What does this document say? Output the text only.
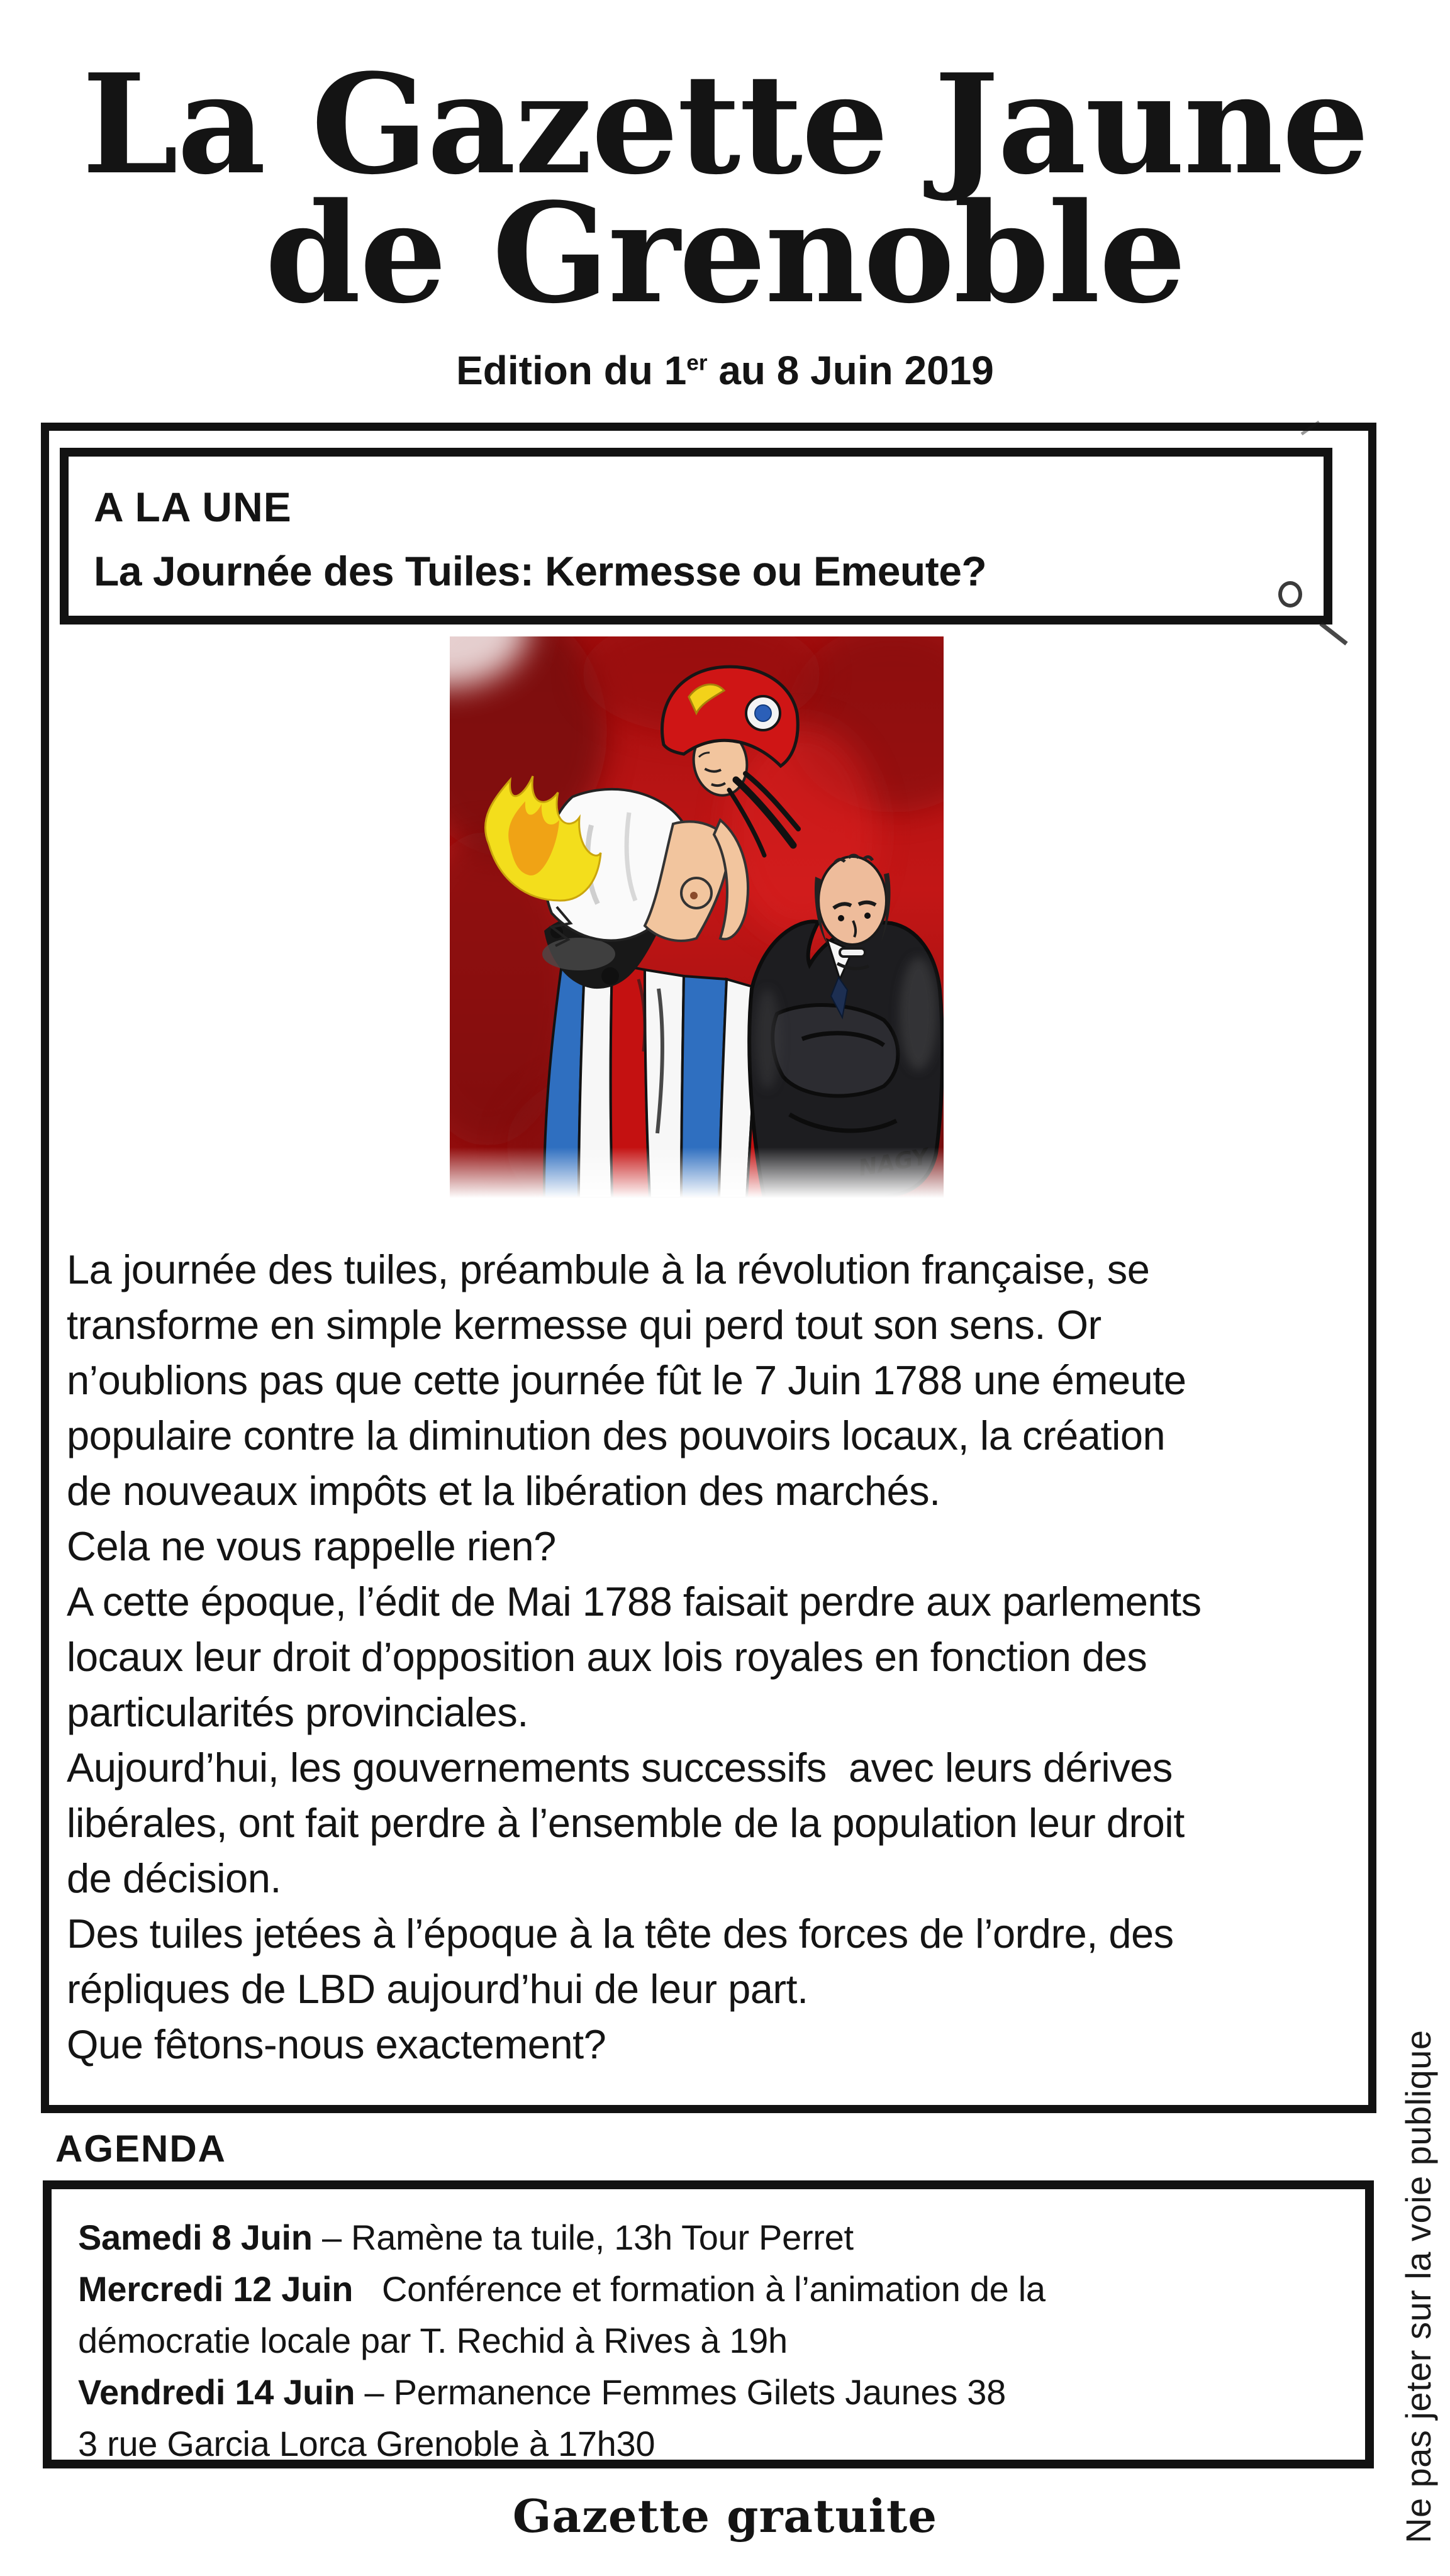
La Gazette Jaune
de Grenoble
Edition du 1er au 8 Juin 2019
A LA UNE
La Journée des Tuiles: Kermesse ou Emeute?
La journée des tuiles, préambule à la révolution française, se
transforme en simple kermesse qui perd tout son sens. Or
n’oublions pas que cette journée fût le 7 Juin 1788 une émeute
populaire contre la diminution des pouvoirs locaux, la création
de nouveaux impôts et la libération des marchés.
Cela ne vous rappelle rien?
A cette époque, l’édit de Mai 1788 faisait perdre aux parlements
locaux leur droit d’opposition aux lois royales en fonction des
particularités provinciales.
Aujourd’hui, les gouvernements successifs  avec leurs dérives
libérales, ont fait perdre à l’ensemble de la population leur droit
de décision.
Des tuiles jetées à l’époque à la tête des forces de l’ordre, des
répliques de LBD aujourd’hui de leur part.
Que fêtons-nous exactement?
AGENDA
Samedi 8 Juin – Ramène ta tuile, 13h Tour Perret
Mercredi 12 Juin   Conférence et formation à l’animation de la
démocratie locale par T. Rechid à Rives à 19h
Vendredi 14 Juin – Permanence Femmes Gilets Jaunes 38
3 rue Garcia Lorca Grenoble à 17h30
Gazette gratuite	Ne pas jeter sur la voie publique
